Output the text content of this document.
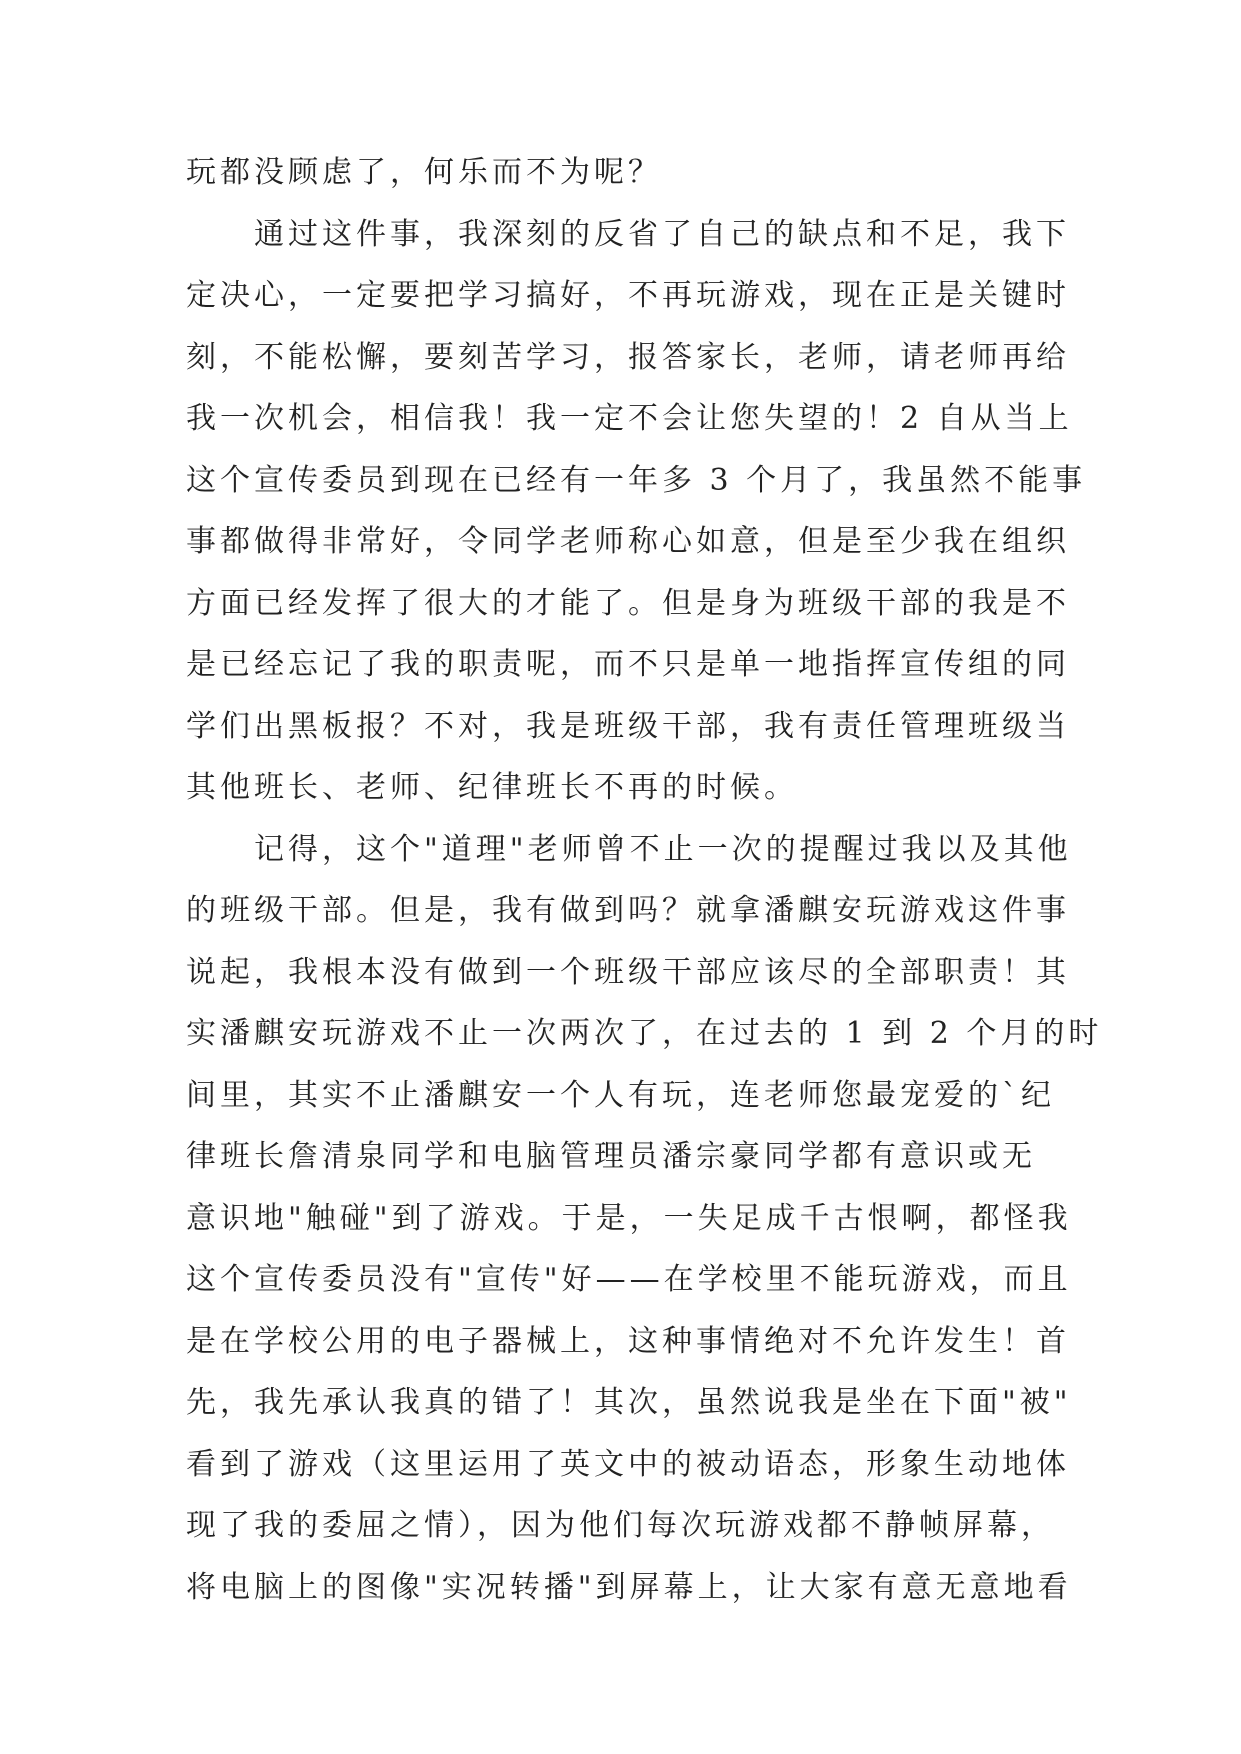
玩都没顾虑了，何乐而不为呢？
通过这件事，我深刻的反省了自己的缺点和不足，我下
定决心，一定要把学习搞好，不再玩游戏，现在正是关键时
刻，不能松懈，要刻苦学习，报答家长，老师，请老师再给
我一次机会，相信我！我一定不会让您失望的！2 自从当上
这个宣传委员到现在已经有一年多 3 个月了，我虽然不能事
事都做得非常好，令同学老师称心如意，但是至少我在组织
方面已经发挥了很大的才能了。但是身为班级干部的我是不
是已经忘记了我的职责呢，而不只是单一地指挥宣传组的同
学们出黑板报？不对，我是班级干部，我有责任管理班级当
其他班长、老师、纪律班长不再的时候。
记得，这个"道理"老师曾不止一次的提醒过我以及其他
的班级干部。但是，我有做到吗？就拿潘麒安玩游戏这件事
说起，我根本没有做到一个班级干部应该尽的全部职责！其
实潘麒安玩游戏不止一次两次了，在过去的 1 到 2 个月的时
间里，其实不止潘麒安一个人有玩，连老师您最宠爱的`纪
律班长詹清泉同学和电脑管理员潘宗豪同学都有意识或无
意识地"触碰"到了游戏。于是，一失足成千古恨啊，都怪我
这个宣传委员没有"宣传"好——在学校里不能玩游戏，而且
是在学校公用的电子器械上，这种事情绝对不允许发生！首
先，我先承认我真的错了！其次，虽然说我是坐在下面"被"
看到了游戏（这里运用了英文中的被动语态，形象生动地体
现了我的委屈之情），因为他们每次玩游戏都不静帧屏幕，
将电脑上的图像"实况转播"到屏幕上，让大家有意无意地看
